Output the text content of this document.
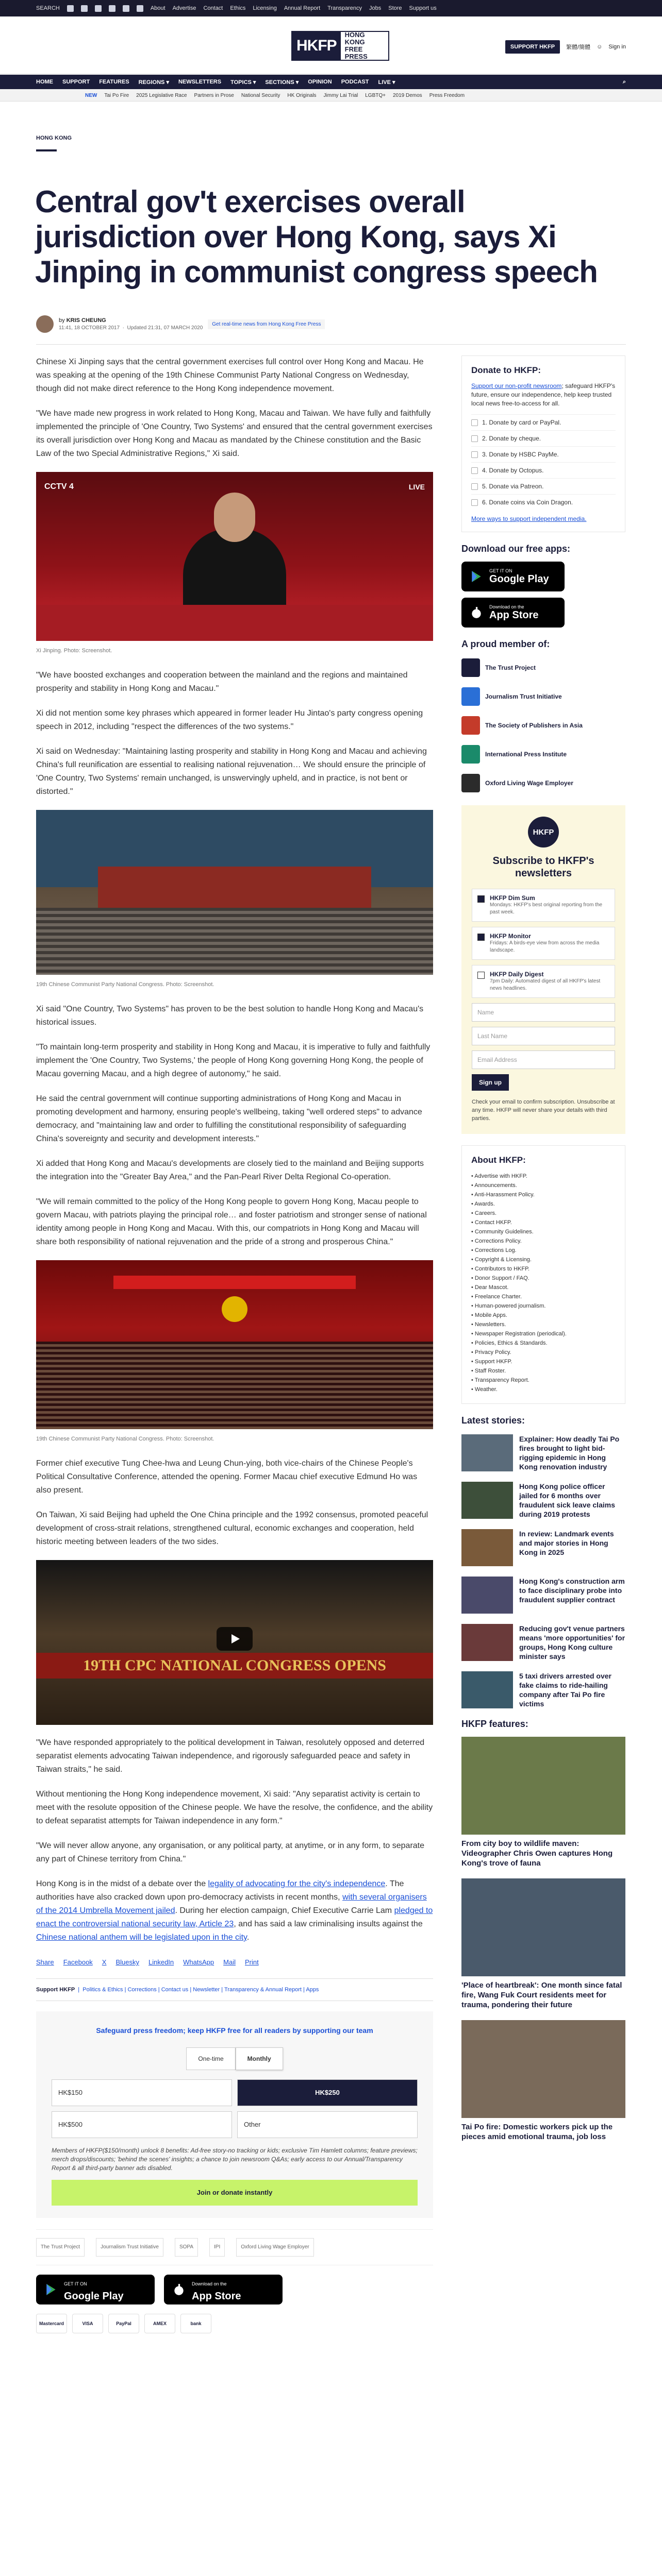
SEARCH	About Advertise Contact Ethics Licensing Annual Report Transparency Jobs Store Support us
HKFP
HONG KONG
FREE PRESS
SUPPORT HKFP	繁體/簡體 ☺ Sign in
HOME SUPPORT FEATURES REGIONS ▾ NEWSLETTERS TOPICS ▾ SECTIONS ▾ OPINION PODCAST LIVE ▾	⌕
NEW Tai Po Fire 2025 Legislative Race Partners in Prose National Security HK Originals Jimmy Lai Trial LGBTQ+ 2019 Demos Press Freedom
HONG KONG
Central gov't exercises overall jurisdiction over Hong Kong, says Xi Jinping in communist congress speech
by KRIS CHEUNG
11:41, 18 OCTOBER 2017  ·  Updated 21:31, 07 MARCH 2020
Get real-time news from Hong Kong Free Press

Chinese Xi Jinping says that the central government exercises full control over Hong Kong and Macau. He was speaking at the opening of the 19th Chinese Communist Party National Congress on Wednesday, though did not make direct reference to the Hong Kong independence movement.

"We have made new progress in work related to Hong Kong, Macau and Taiwan. We have fully and faithfully implemented the principle of 'One Country, Two Systems' and ensured that the central government exercises its overall jurisdiction over Hong Kong and Macau as mandated by the Chinese constitution and the Basic Law of the two Special Administrative Regions," Xi said.

CCTV 4	LIVE
Xi Jinping. Photo: Screenshot.

"We have boosted exchanges and cooperation between the mainland and the regions and maintained prosperity and stability in Hong Kong and Macau."

Xi did not mention some key phrases which appeared in former leader Hu Jintao's party congress opening speech in 2012, including "respect the differences of the two systems."

Xi said on Wednesday: "Maintaining lasting prosperity and stability in Hong Kong and Macau and achieving China's full reunification are essential to realising national rejuvenation… We should ensure the principle of 'One Country, Two Systems' remain unchanged, is unswervingly upheld, and in practice, is not bent or distorted."

19th Chinese Communist Party National Congress. Photo: Screenshot.

Xi said "One Country, Two Systems" has proven to be the best solution to handle Hong Kong and Macau's historical issues.

"To maintain long-term prosperity and stability in Hong Kong and Macau, it is imperative to fully and faithfully implement the 'One Country, Two Systems,' the people of Hong Kong governing Hong Kong, the people of Macau governing Macau, and a high degree of autonomy," he said.

He said the central government will continue supporting administrations of Hong Kong and Macau in promoting development and harmony, ensuring people's wellbeing, taking "well ordered steps" to advance democracy, and "maintaining law and order to fulfilling the constitutional responsibility of safeguarding China's sovereignty and security and development interests."

Xi added that Hong Kong and Macau's developments are closely tied to the mainland and Beijing supports the integration into the "Greater Bay Area," and the Pan-Pearl River Delta Regional Co-operation.

"We will remain committed to the policy of the Hong Kong people to govern Hong Kong, Macau people to govern Macau, with patriots playing the principal role… and foster patriotism and stronger sense of national identity among people in Hong Kong and Macau. With this, our compatriots in Hong Kong and Macau will share both responsibility of national rejuvenation and the pride of a strong and prosperous China."

19th Chinese Communist Party National Congress. Photo: Screenshot.

Former chief executive Tung Chee-hwa and Leung Chun-ying, both vice-chairs of the Chinese People's Political Consultative Conference, attended the opening. Former Macau chief executive Edmund Ho was also present.

On Taiwan, Xi said Beijing had upheld the One China principle and the 1992 consensus, promoted peaceful development of cross-strait relations, strengthened cultural, economic exchanges and cooperation, held historic meeting between leaders of the two sides.

19TH CPC NATIONAL CONGRESS OPENS

"We have responded appropriately to the political development in Taiwan, resolutely opposed and deterred separatist elements advocating Taiwan independence, and rigorously safeguarded peace and safety in Taiwan straits," he said.

Without mentioning the Hong Kong independence movement, Xi said: "Any separatist activity is certain to meet with the resolute opposition of the Chinese people. We have the resolve, the confidence, and the ability to defeat separatist attempts for Taiwan independence in any form."

"We will never allow anyone, any organisation, or any political party, at anytime, or in any form, to separate any part of Chinese territory from China."

Hong Kong is in the midst of a debate over the legality of advocating for the city's independence. The authorities have also cracked down upon pro-democracy activists in recent months, with several organisers of the 2014 Umbrella Movement jailed. During her election campaign, Chief Executive Carrie Lam pledged to enact the controversial national security law, Article 23, and has said a law criminalising insults against the Chinese national anthem will be legislated upon in the city.

Share Facebook X Bluesky LinkedIn WhatsApp Mail Print
Support HKFP  |  Politics & Ethics | Corrections | Contact us | Newsletter | Transparency & Annual Report | Apps
Safeguard press freedom; keep HKFP free for all readers by supporting our team
One-time	Monthly
HK$150	HK$250
HK$500	Other
Members of HKFP($150/month) unlock 8 benefits: Ad-free story-no tracking or kids; exclusive Tim Hamlett columns; feature previews; merch drops/discounts; 'behind the scenes' insights; a chance to join newsroom Q&As; early access to our Annual/Transparency Report & all third-party banner ads disabled.
Join or donate instantly
The Trust Project	Journalism Trust Initiative	SOPA	IPI	Oxford Living Wage Employer
GET IT ON
Google Play
Download on the
App Store
Mastercard	VISA	PayPal	AMEX	bank
Donate to HKFP:
Support our non-profit newsroom; safeguard HKFP's future, ensure our independence, help keep trusted local news free-to-access for all.
1. Donate by card or PayPal.
2. Donate by cheque.
3. Donate by HSBC PayMe.
4. Donate by Octopus.
5. Donate via Patreon.
6. Donate coins via Coin Dragon.
More ways to support independent media.
Download our free apps:
GET IT ON
Google Play
Download on the
App Store
A proud member of:
The Trust Project
Journalism Trust Initiative
The Society of Publishers in Asia
International Press Institute
Oxford Living Wage Employer
HKFP
Subscribe to HKFP's newsletters
HKFP Dim Sum
Mondays: HKFP's best original reporting from the past week.
HKFP Monitor
Fridays: A birds-eye view from across the media landscape.
HKFP Daily Digest
7pm Daily: Automated digest of all HKFP's latest news headlines.
Name
Last Name
Email Address
Sign up
Check your email to confirm subscription. Unsubscribe at any time. HKFP will never share your details with third parties.
About HKFP:
• Advertise with HKFP.
• Announcements.
• Anti-Harassment Policy.
• Awards.
• Careers.
• Contact HKFP.
• Community Guidelines.
• Corrections Policy.
• Corrections Log.
• Copyright & Licensing.
• Contributors to HKFP.
• Donor Support / FAQ.
• Dear Mascot.
• Freelance Charter.
• Human-powered journalism.
• Mobile Apps.
• Newsletters.
• Newspaper Registration (periodical).
• Policies, Ethics & Standards.
• Privacy Policy.
• Support HKFP.
• Staff Roster.
• Transparency Report.
• Weather.
Latest stories:
Explainer: How deadly Tai Po fires brought to light bid-rigging epidemic in Hong Kong renovation industry
Hong Kong police officer jailed for 6 months over fraudulent sick leave claims during 2019 protests
In review: Landmark events and major stories in Hong Kong in 2025
Hong Kong's construction arm to face disciplinary probe into fraudulent supplier contract
Reducing gov't venue partners means 'more opportunities' for groups, Hong Kong culture minister says
5 taxi drivers arrested over fake claims to ride-hailing company after Tai Po fire victims
HKFP features:
From city boy to wildlife maven: Videographer Chris Owen captures Hong Kong's trove of fauna
'Place of heartbreak': One month since fatal fire, Wang Fuk Court residents meet for trauma, pondering their future
Tai Po fire: Domestic workers pick up the pieces amid emotional trauma, job loss
